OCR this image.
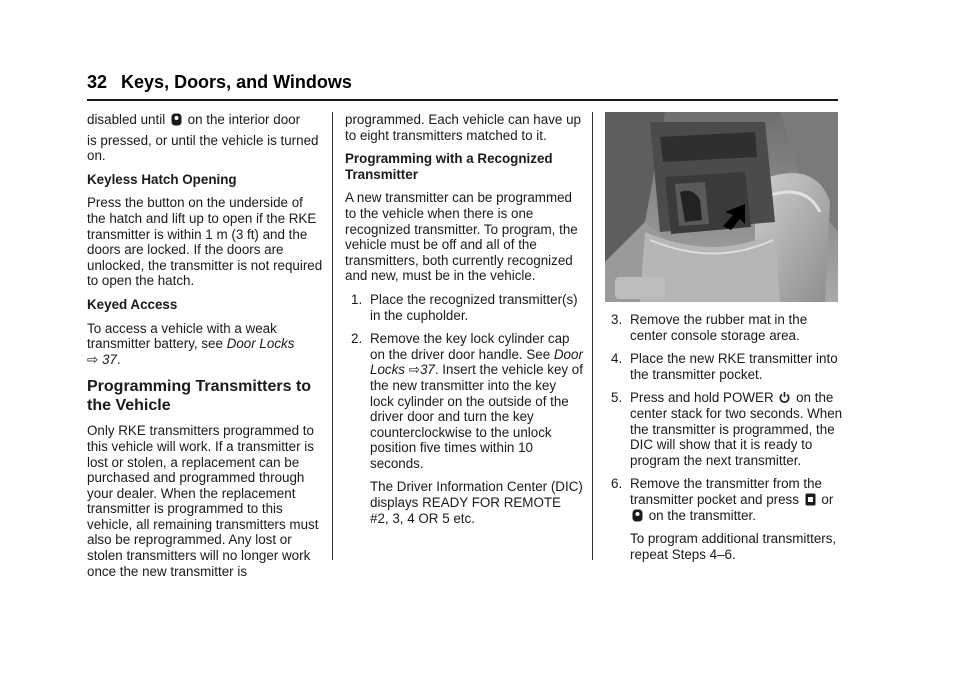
32 Keys, Doors, and Windows

disabled until on the interior door

is pressed, or until the vehicle is turned on.

Keyless Hatch Opening

Press the button on the underside of the hatch and lift up to open if the RKE transmitter is within 1 m (3 ft) and the doors are locked. If the doors are unlocked, the transmitter is not required to open the hatch.

Keyed Access

To access a vehicle with a weak transmitter battery, see Door Locks
⇨ 37.

Programming Transmitters to the Vehicle

Only RKE transmitters programmed to this vehicle will work. If a transmitter is lost or stolen, a replacement can be purchased and programmed through your dealer. When the replacement transmitter is programmed to this vehicle, all remaining transmitters must also be reprogrammed. Any lost or stolen transmitters will no longer work once the new transmitter is

programmed. Each vehicle can have up to eight transmitters matched to it.

Programming with a Recognized Transmitter

A new transmitter can be programmed to the vehicle when there is one recognized transmitter. To program, the vehicle must be off and all of the transmitters, both currently recognized and new, must be in the vehicle.

1. Place the recognized transmitter(s) in the cupholder.

2. Remove the key lock cylinder cap on the driver door handle. See Door Locks ⇨37. Insert the vehicle key of the new transmitter into the key lock cylinder on the outside of the driver door and turn the key counterclockwise to the unlock position five times within 10 seconds.

The Driver Information Center (DIC) displays READY FOR REMOTE #2, 3, 4 OR 5 etc.

3. Remove the rubber mat in the center console storage area.

4. Place the new RKE transmitter into the transmitter pocket.

5. Press and hold POWER on the center stack for two seconds. When the transmitter is programmed, the DIC will show that it is ready to program the next transmitter.

6. Remove the transmitter from the transmitter pocket and press or  on the transmitter.

To program additional transmitters, repeat Steps 4–6.
